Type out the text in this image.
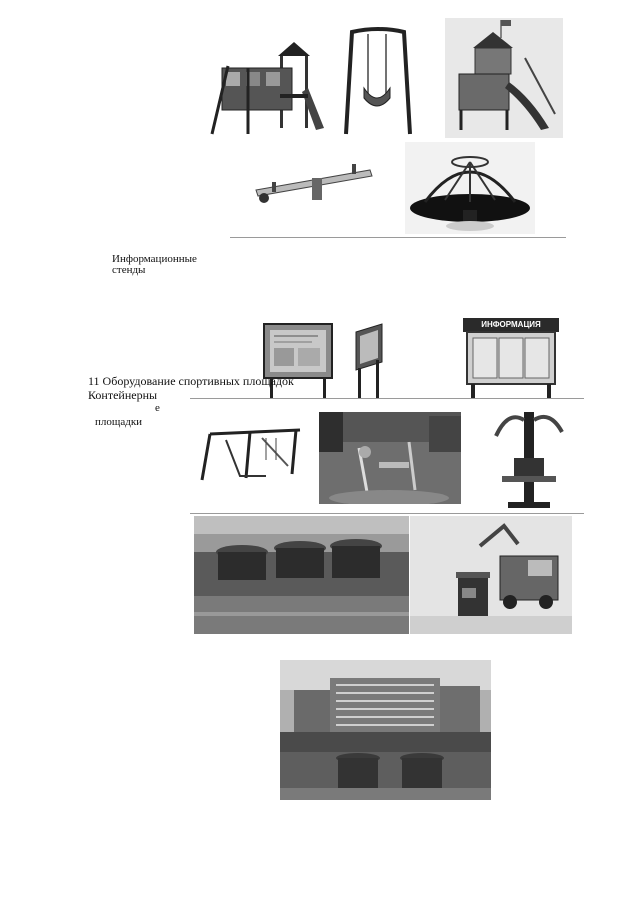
Информационные
стенды
ИНФОРМАЦИЯ
11 Оборудование спортивных площадок
Контейнерны
е
площадки
